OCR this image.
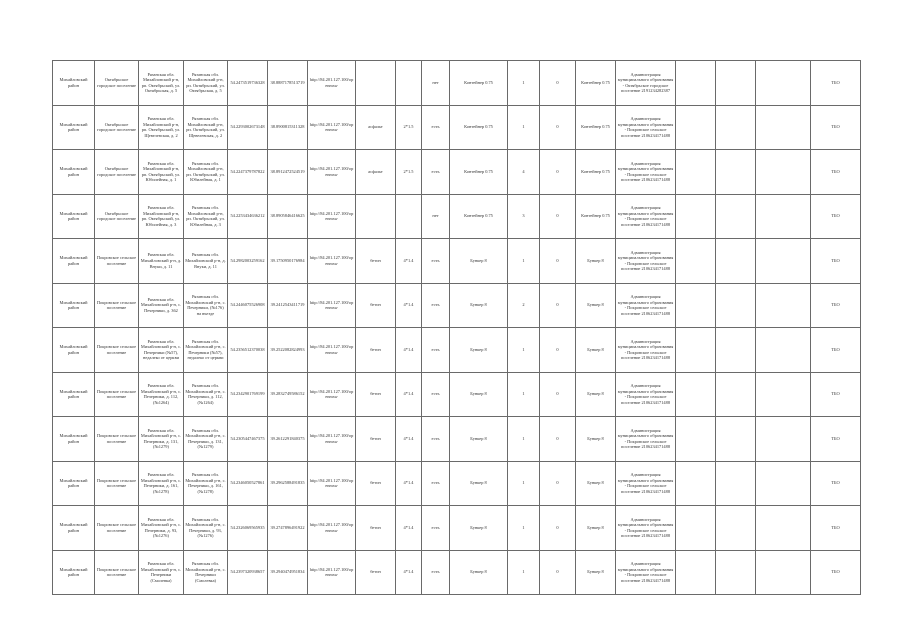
Михайловский район	Октябрьское городское поселение	Рязанская обл. Михайловский р-н, рп. Октябрьский, ул. Октябрьская, д. 5	Рязанская обл. Михайловский р-н, рп. Октябрьский, ул. Октябрьская, д. 5	54.2473519736328	38.8887178513719	http://84.201.127.100/openmsw			нет	Контейнер 0.75	1	0	Контейнер 0.75	Администрация муниципального образования - Октябрьское городское поселение 2191234282387				ТБО
Михайловский район	Октябрьское городское поселение	Рязанская обл. Михайловский р-н, рп. Октябрьский, ул. Щевелевская, д. 2	Рязанская обл. Михайловский р-н, рп. Октябрьский, ул. Щевелевская, д. 2	54.2293002673148	38.8900815311328	http://84.201.127.100/openmsw	асфальт	2*1.5	есть	Контейнер 0.75	1	0	Контейнер 0.75	Администрация муниципального образования - Покровское сельское поселение 2106234171488				ТБО
Михайловский район	Октябрьское городское поселение	Рязанская обл. Михайловский р-н, рп. Октябрьский, ул. Юбилейная, д. 1	Рязанская обл. Михайловский р-н, рп. Октябрьский, ул. Юбилейная, д. 1	54.2247379787822	38.8912472524519	http://84.201.127.100/openmsw	асфальт	2*1.5	есть	Контейнер 0.75	4	0	Контейнер 0.75	Администрация муниципального образования - Покровское сельское поселение 2106234171488				ТБО
Михайловский район	Октябрьское городское поселение	Рязанская обл. Михайловский р-н, рп. Октябрьский, ул. Юбилейная, д. 3	Рязанская обл. Михайловский р-н, рп. Октябрьский, ул. Юбилейная, д. 3	54.2253434636212	38.8905846416625	http://84.201.127.100/openmsw			нет	Контейнер 0.75	3	0	Контейнер 0.75	Администрация муниципального образования - Покровское сельское поселение 2106234171488				ТБО
Михайловский район	Покровское сельское поселение	Рязанская обл. Михайловский р-н, д. Внуки, д. 11	Рязанская обл. Михайловский р-н, д. Внуки, д. 11	54.2982003259162	39.1750950176984	http://84.201.127.100/openmsw	бетон	4*1.4	есть	Бункер 8	1	0	Бункер 8	Администрация муниципального образования - Покровское сельское поселение 2106234171488				ТБО
Михайловский район	Покровское сельское поселение	Рязанская обл. Михайловский р-н, с. Печерники, д. 362	Рязанская обл. Михайловский р-н, с. Печерники, (№176) на въезде	54.2446075526908	39.2412543411719	http://84.201.127.100/openmsw	бетон	4*1.4	есть	Бункер 8	2	0	Бункер 8	Администрация муниципального образования - Покровское сельское поселение 2106234171488				ТБО
Михайловский район	Покровское сельское поселение	Рязанская обл. Михайловский р-н, с. Печерники (№57), недалеко от церкви	Рязанская обл. Михайловский р-н, с. Печерники (№57), недалеко от церкви	54.2356512370038	39.2522082824993	http://84.201.127.100/openmsw	бетон	4*1.4	есть	Бункер 8	1	0	Бункер 8	Администрация муниципального образования - Покровское сельское поселение 2106234171488				ТБО
Михайловский район	Покровское сельское поселение	Рязанская обл. Михайловский р-н, с. Печерники, д. 112, (№1264)	Рязанская обл. Михайловский р-н, с. Печерники, д. 112, (№1264)	54.2342901769199	39.2832749586152	http://84.201.127.100/openmsw	бетон	4*1.4	есть	Бункер 8	1	0	Бункер 8	Администрация муниципального образования - Покровское сельское поселение 2106234171488				ТБО
Михайловский район	Покровское сельское поселение	Рязанская обл. Михайловский р-н, с. Печерники, д. 131, (№1279)	Рязанская обл. Михайловский р-н, с. Печерники, д. 131, (№1279)	54.2305447467375	39.2612291840375	http://84.201.127.100/openmsw	бетон	4*1.4	есть	Бункер 8	1	0	Бункер 8	Администрация муниципального образования - Покровское сельское поселение 2106234171488				ТБО
Михайловский район	Покровское сельское поселение	Рязанская обл. Михайловский р-н, с. Печерники, д. 161, (№1278)	Рязанская обл. Михайловский р-н, с. Печерники, д. 161, (№1278)	54.2346050527861	39.2962588491835	http://84.201.127.100/openmsw	бетон	4*1.4	есть	Бункер 8	1	0	Бункер 8	Администрация муниципального образования - Покровское сельское поселение 2106234171488				ТБО
Михайловский район	Покровское сельское поселение	Рязанская обл. Михайловский р-н, с. Печерники, д. 93, (№1276)	Рязанская обл. Михайловский р-н, с. Печерники, д. 93, (№1276)	54.2326069565935	39.2747896491922	http://84.201.127.100/openmsw	бетон	4*1.4	есть	Бункер 8	1	0	Бункер 8	Администрация муниципального образования - Покровское сельское поселение 2106234171488				ТБО
Михайловский район	Покровское сельское поселение	Рязанская обл. Михайловский р-н, с. Печерники (Смолевка)	Рязанская обл. Михайловский р-н, с. Печерники (Смолевка)	54.2397320938657	39.2940474951834	http://84.201.127.100/openmsw	бетон	4*1.4	есть	Бункер 8	1	0	Бункер 8	Администрация муниципального образования - Покровское сельское поселение 2106234171488				ТБО
